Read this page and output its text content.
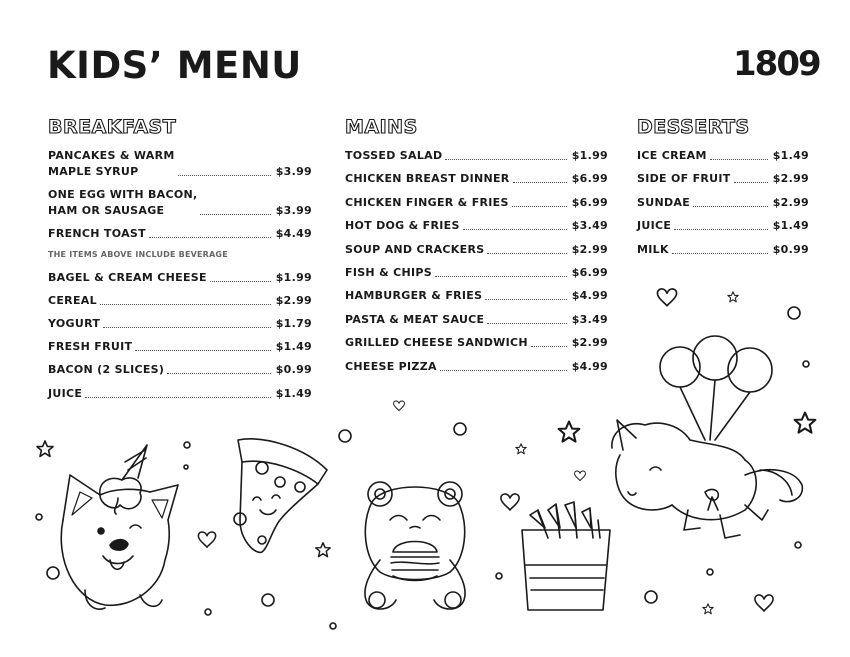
KIDS’ MENU	1809
BREAKFAST
PANCAKES & WARM
MAPLE SYRUP	$3.99
ONE EGG WITH BACON,
HAM OR SAUSAGE	$3.99
FRENCH TOAST	$4.49
THE ITEMS ABOVE INCLUDE BEVERAGE
BAGEL & CREAM CHEESE	$1.99
CEREAL	$2.99
YOGURT	$1.79
FRESH FRUIT	$1.49
BACON (2 SLICES)	$0.99
JUICE	$1.49
MAINS
TOSSED SALAD	$1.99
CHICKEN BREAST DINNER	$6.99
CHICKEN FINGER & FRIES	$6.99
HOT DOG & FRIES	$3.49
SOUP AND CRACKERS	$2.99
FISH & CHIPS	$6.99
HAMBURGER & FRIES	$4.99
PASTA & MEAT SAUCE	$3.49
GRILLED CHEESE SANDWICH	$2.99
CHEESE PIZZA	$4.99
DESSERTS
ICE CREAM	$1.49
SIDE OF FRUIT	$2.99
SUNDAE	$2.99
JUICE	$1.49
MILK	$0.99
